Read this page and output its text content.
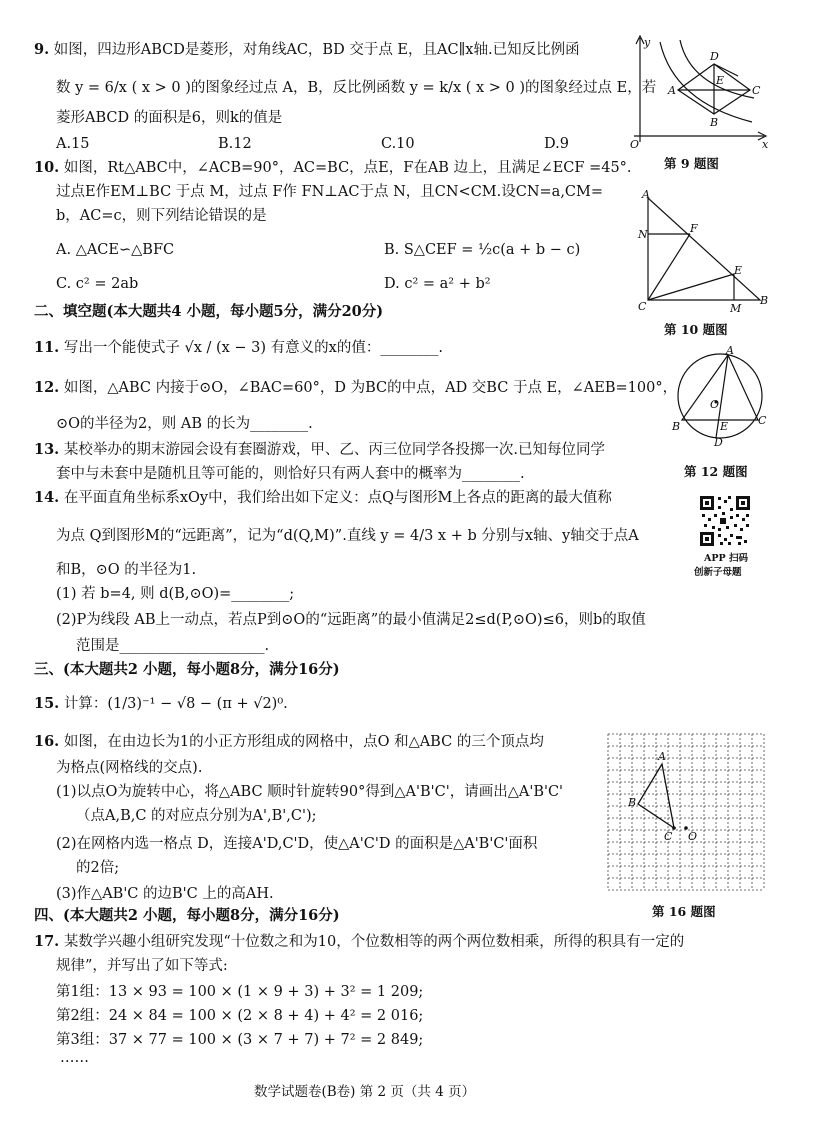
9. 如图，四边形ABCD是菱形，对角线AC，BD 交于点 E，且AC∥x轴.已知反比例函
数 y = 6/x ( x > 0 )的图象经过点 A，B，反比例函数 y = k/x ( x > 0 )的图象经过点 E，若
菱形ABCD 的面积是6，则k的值是
A.15	B.12	C.10	D.9
y
x
O
A
B
C
D
E
第 9 题图
10. 如图，Rt△ABC中，∠ACB=90°，AC=BC，点E，F在AB 边上，且满足∠ECF =45°.
过点E作EM⊥BC 于点 M，过点 F作 FN⊥AC于点 N，且CN<CM.设CN=a,CM=
b，AC=c，则下列结论错误的是
A. △ACE∽△BFC	B. S△CEF = ½c(a + b − c)
C. c² = 2ab	D. c² = a² + b²
A
N	F
E
C	M
B
第 10 题图
二、填空题(本大题共4 小题，每小题5分，满分20分)
11. 写出一个能使式子 √x / (x − 3) 有意义的x的值：________.
12. 如图，△ABC 内接于⊙O，∠BAC=60°，D 为BC的中点，AD 交BC 于点 E，∠AEB=100°，
⊙O的半径为2，则 AB 的长为________.
A
O
B	C
E
D
第 12 题图
13. 某校举办的期末游园会设有套圈游戏，甲、乙、丙三位同学各投掷一次.已知每位同学
套中与未套中是随机且等可能的，则恰好只有两人套中的概率为________.
14. 在平面直角坐标系xOy中，我们给出如下定义：点Q与图形M上各点的距离的最大值称
为点 Q到图形M的“远距离”，记为“d(Q,M)”.直线 y = 4/3 x + b 分别与x轴、y轴交于点A
和B，⊙O 的半径为1.
(1) 若 b=4, 则 d(B,⊙O)=________;
(2)P为线段 AB上一动点，若点P到⊙O的“远距离”的最小值满足2≤d(P,⊙O)≤6，则b的取值
范围是____________________.
APP 扫码
创新子母题
三、(本大题共2 小题，每小题8分，满分16分)
15. 计算：(1/3)⁻¹ − √8 − (π + √2)⁰.
16. 如图，在由边长为1的小正方形组成的网格中，点O 和△ABC 的三个顶点均
为格点(网格线的交点).
(1)以点O为旋转中心，将△ABC 顺时针旋转90°得到△A'B'C'，请画出△A'B'C'
（点A,B,C 的对应点分别为A',B',C');
(2)在网格内选一格点 D，连接A'D,C'D，使△A'C'D 的面积是△A'B'C'面积
的2倍;
(3)作△AB'C 的边B'C 上的高AH.
A
B
C O
第 16 题图
四、(本大题共2 小题，每小题8分，满分16分)
17. 某数学兴趣小组研究发现“十位数之和为10，个位数相等的两个两位数相乘，所得的积具有一定的
规律”，并写出了如下等式:
第1组：13 × 93 = 100 × (1 × 9 + 3) + 3² = 1 209;
第2组：24 × 84 = 100 × (2 × 8 + 4) + 4² = 2 016;
第3组：37 × 77 = 100 × (3 × 7 + 7) + 7² = 2 849;
……
数学试题卷(B卷) 第 2 页（共 4 页）
